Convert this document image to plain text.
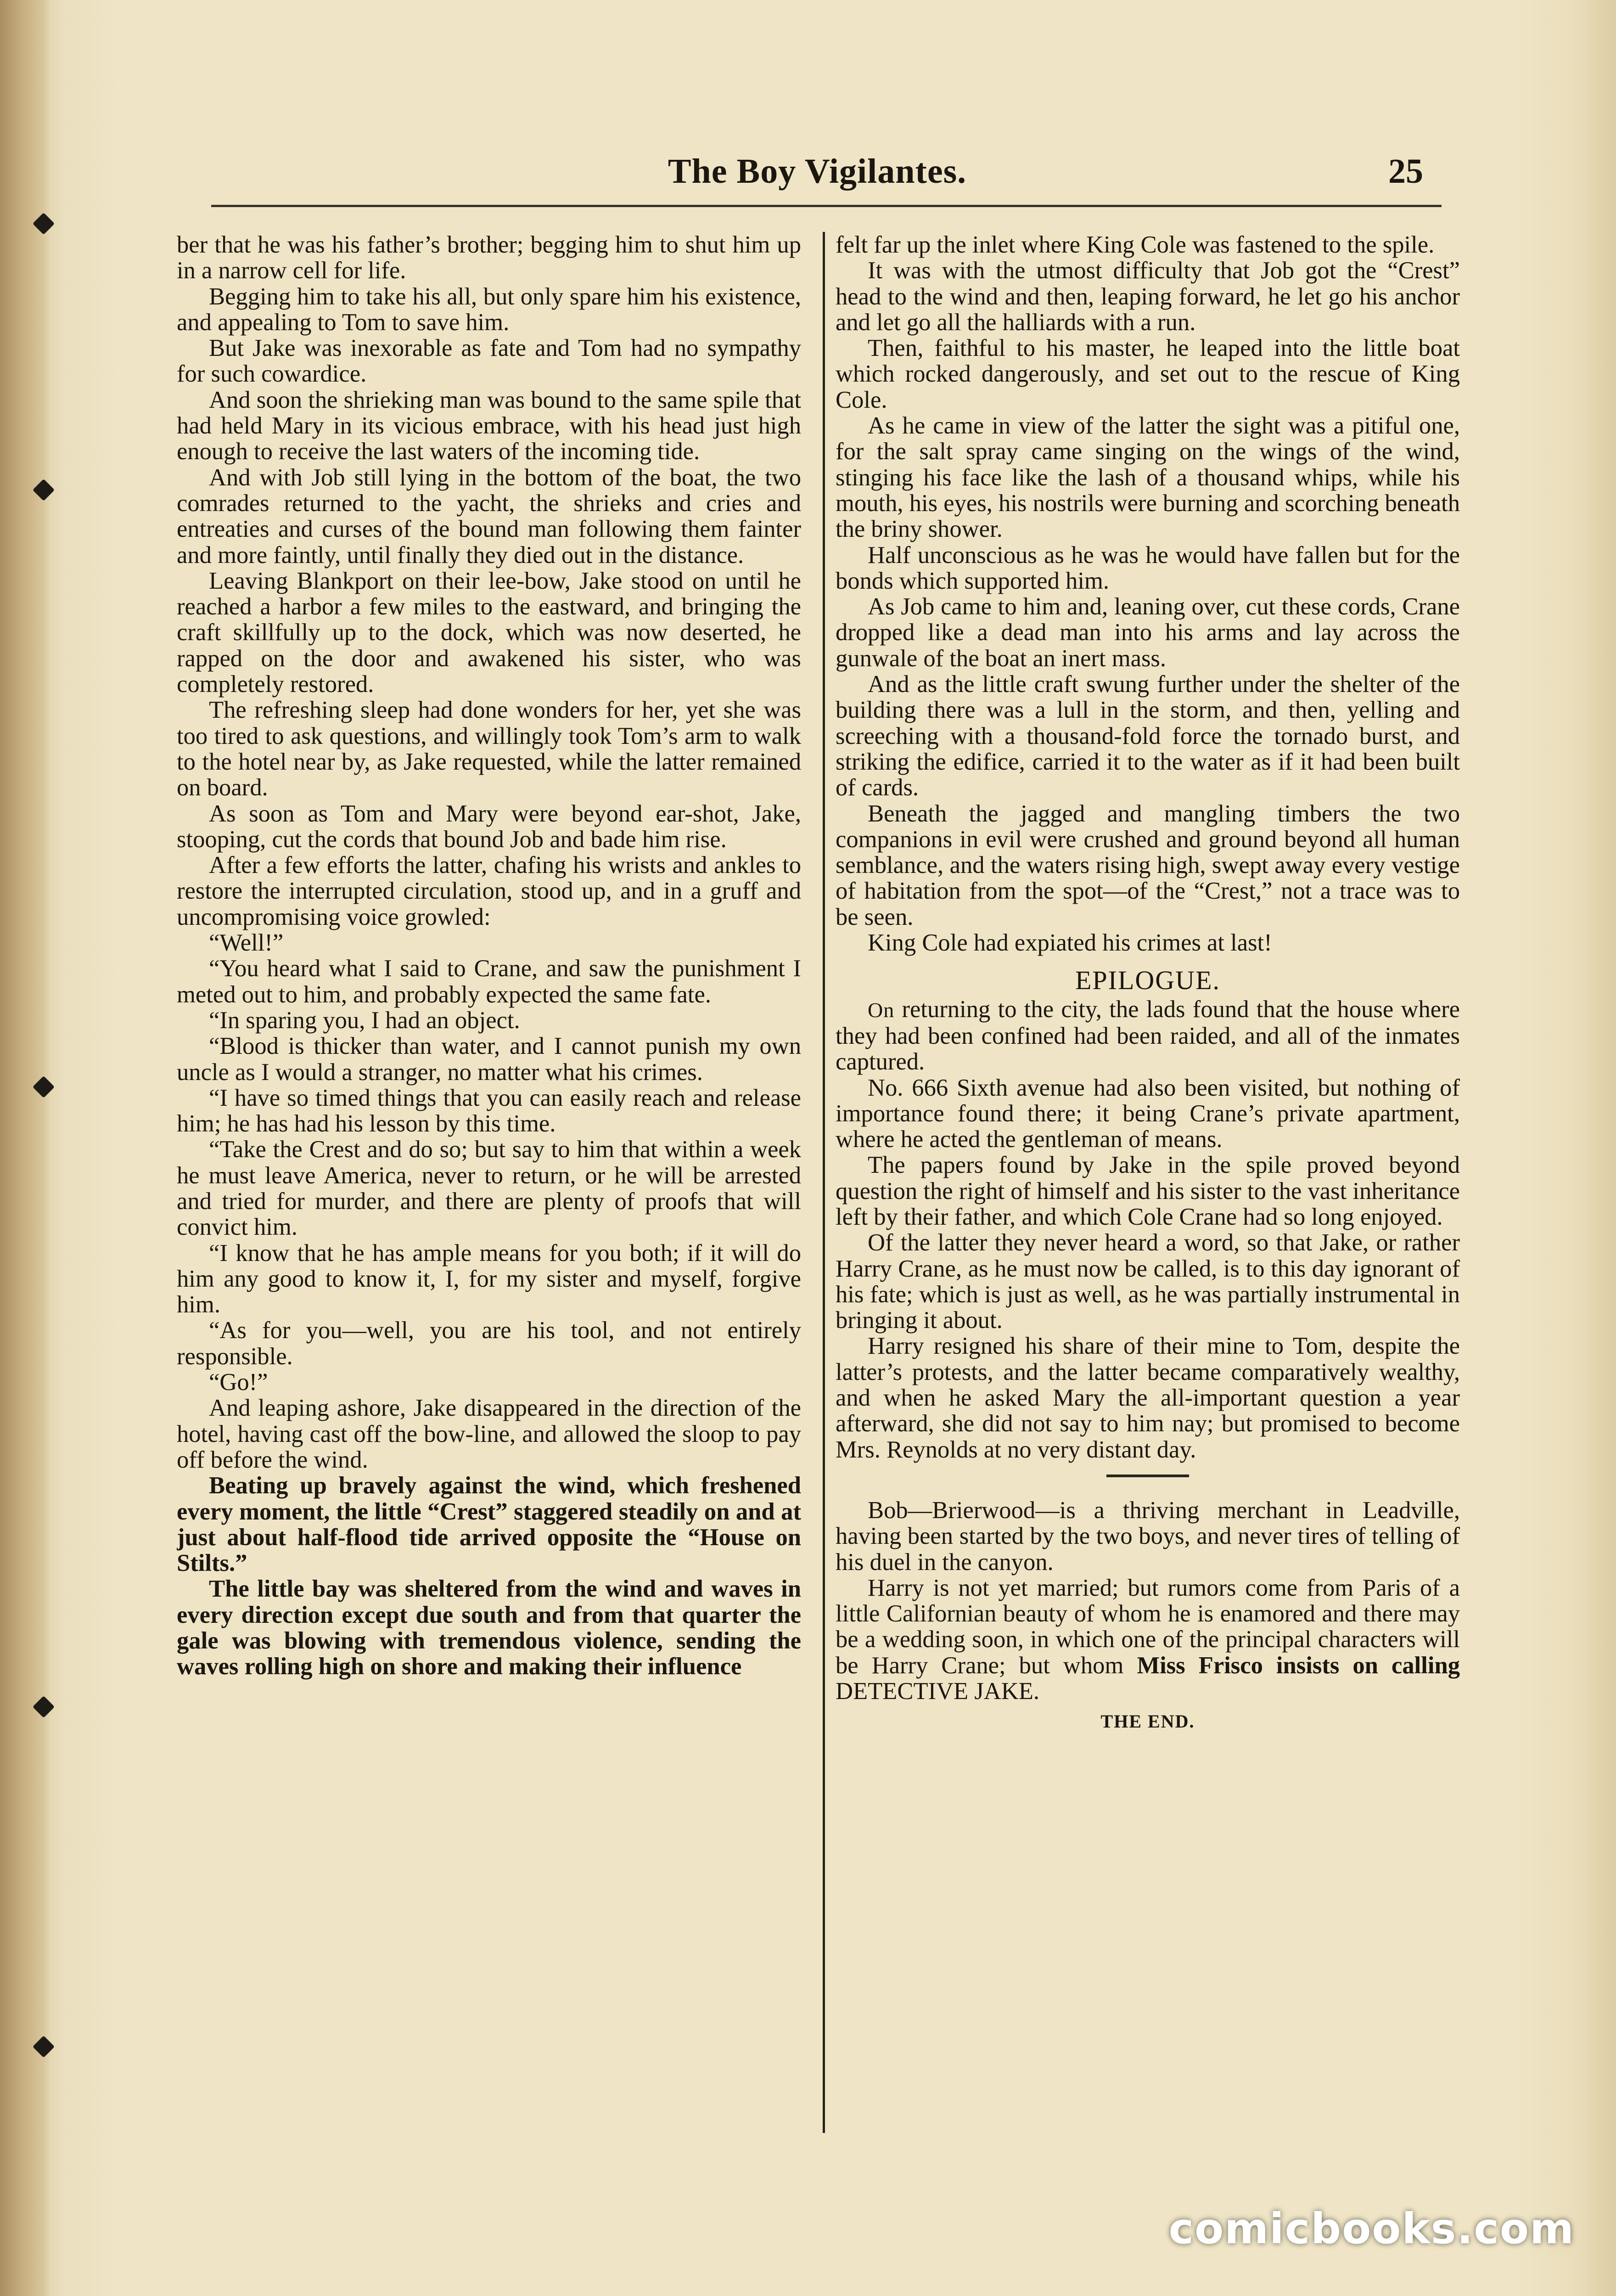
The Boy Vigilantes.	25

ber that he was his father’s brother; begging him to shut him up in a narrow cell for life.

Begging him to take his all, but only spare him his existence, and appealing to Tom to save him.

But Jake was inexorable as fate and Tom had no sympathy for such cowardice.

And soon the shrieking man was bound to the same spile that had held Mary in its vicious embrace, with his head just high enough to receive the last waters of the incoming tide.

And with Job still lying in the bottom of the boat, the two comrades returned to the yacht, the shrieks and cries and entreaties and curses of the bound man following them fainter and more faintly, until finally they died out in the distance.

Leaving Blankport on their lee-bow, Jake stood on until he reached a harbor a few miles to the eastward, and bringing the craft skillfully up to the dock, which was now deserted, he rapped on the door and awakened his sister, who was completely restored.

The refreshing sleep had done wonders for her, yet she was too tired to ask questions, and willingly took Tom’s arm to walk to the hotel near by, as Jake requested, while the latter remained on board.

As soon as Tom and Mary were beyond ear-shot, Jake, stooping, cut the cords that bound Job and bade him rise.

After a few efforts the latter, chafing his wrists and ankles to restore the interrupted circulation, stood up, and in a gruff and uncompromising voice growled:

“Well!”

“You heard what I said to Crane, and saw the punishment I meted out to him, and probably expected the same fate.

“In sparing you, I had an object.

“Blood is thicker than water, and I cannot punish my own uncle as I would a stranger, no matter what his crimes.

“I have so timed things that you can easily reach and release him; he has had his lesson by this time.

“Take the Crest and do so; but say to him that within a week he must leave America, never to return, or he will be arrested and tried for murder, and there are plenty of proofs that will convict him.

“I know that he has ample means for you both; if it will do him any good to know it, I, for my sister and myself, forgive him.

“As for you—well, you are his tool, and not entirely responsible.

“Go!”

And leaping ashore, Jake disappeared in the direction of the hotel, having cast off the bow-line, and allowed the sloop to pay off before the wind.

Beating up bravely against the wind, which freshened every moment, the little “Crest” staggered steadily on and at just about half-flood tide arrived opposite the “House on Stilts.”

The little bay was sheltered from the wind and waves in every direction except due south and from that quarter the gale was blowing with tremendous violence, sending the waves rolling high on shore and making their influence

felt far up the inlet where King Cole was fastened to the spile.

It was with the utmost difficulty that Job got the “Crest” head to the wind and then, leaping forward, he let go his anchor and let go all the halliards with a run.

Then, faithful to his master, he leaped into the little boat which rocked dangerously, and set out to the rescue of King Cole.

As he came in view of the latter the sight was a pitiful one, for the salt spray came singing on the wings of the wind, stinging his face like the lash of a thousand whips, while his mouth, his eyes, his nostrils were burning and scorching beneath the briny shower.

Half unconscious as he was he would have fallen but for the bonds which supported him.

As Job came to him and, leaning over, cut these cords, Crane dropped like a dead man into his arms and lay across the gunwale of the boat an inert mass.

And as the little craft swung further under the shelter of the building there was a lull in the storm, and then, yelling and screeching with a thousand-fold force the tornado burst, and striking the edifice, carried it to the water as if it had been built of cards.

Beneath the jagged and mangling timbers the two companions in evil were crushed and ground beyond all human semblance, and the waters rising high, swept away every vestige of habitation from the spot—of the “Crest,” not a trace was to be seen.

King Cole had expiated his crimes at last!

EPILOGUE.

On returning to the city, the lads found that the house where they had been confined had been raided, and all of the inmates captured.

No. 666 Sixth avenue had also been visited, but nothing of importance found there; it being Crane’s private apartment, where he acted the gentleman of means.

The papers found by Jake in the spile proved beyond question the right of himself and his sister to the vast inheritance left by their father, and which Cole Crane had so long enjoyed.

Of the latter they never heard a word, so that Jake, or rather Harry Crane, as he must now be called, is to this day ignorant of his fate; which is just as well, as he was partially instrumental in bringing it about.

Harry resigned his share of their mine to Tom, despite the latter’s protests, and the latter became comparatively wealthy, and when he asked Mary the all-important question a year afterward, she did not say to him nay; but promised to become Mrs. Reynolds at no very distant day.

Bob—Brierwood—is a thriving merchant in Leadville, having been started by the two boys, and never tires of telling of his duel in the canyon.

Harry is not yet married; but rumors come from Paris of a little Californian beauty of whom he is enamored and there may be a wedding soon, in which one of the principal characters will be Harry Crane; but whom Miss Frisco insists on calling DETECTIVE JAKE.

THE END.
comicbooks.com
